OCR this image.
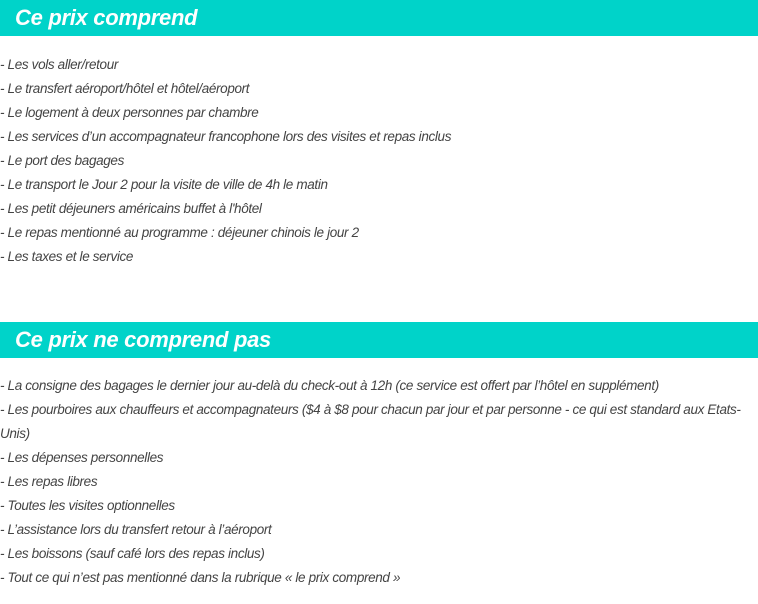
Ce prix comprend
- Les vols aller/retour
- Le transfert aéroport/hôtel et hôtel/aéroport
- Le logement à deux personnes par chambre
- Les services d’un accompagnateur francophone lors des visites et repas inclus
- Le port des bagages
- Le transport le Jour 2 pour la visite de ville de 4h le matin
- Les petit déjeuners américains buffet à l'hôtel
- Le repas mentionné au programme : déjeuner chinois le jour 2
- Les taxes et le service
Ce prix ne comprend pas
- La consigne des bagages le dernier jour au-delà du check-out à 12h (ce service est offert par l’hôtel en supplément)
- Les pourboires aux chauffeurs et accompagnateurs ($4 à $8 pour chacun par jour et par personne - ce qui est standard aux Etats-Unis)
- Les dépenses personnelles
- Les repas libres
- Toutes les visites optionnelles
- L’assistance lors du transfert retour à l’aéroport
- Les boissons (sauf café lors des repas inclus)
- Tout ce qui n’est pas mentionné dans la rubrique « le prix comprend »
